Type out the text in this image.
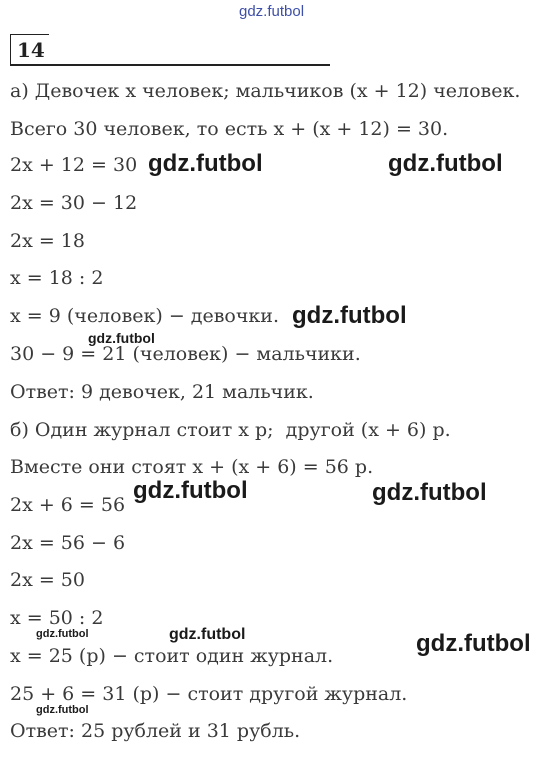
gdz.futbol
14
а) Девочек x человек; мальчиков (x + 12) человек.
Всего 30 человек, то есть x + (x + 12) = 30.
2x + 12 = 30
2x = 30 − 12
2x = 18
x = 18 : 2
x = 9 (человек) − девочки.
30 − 9 = 21 (человек) − мальчики.
Ответ: 9 девочек, 21 мальчик.
б) Один журнал стоит x р;  другой (x + 6) р.
Вместе они стоят x + (x + 6) = 56 р.
2x + 6 = 56
2x = 56 − 6
2x = 50
x = 50 : 2
x = 25 (р) − стоит один журнал.
25 + 6 = 31 (р) − стоит другой журнал.
Ответ: 25 рублей и 31 рубль.
gdz.futbol	gdz.futbol
gdz.futbol
gdz.futbol
gdz.futbol	gdz.futbol
gdz.futbol	gdz.futbol	gdz.futbol
gdz.futbol
